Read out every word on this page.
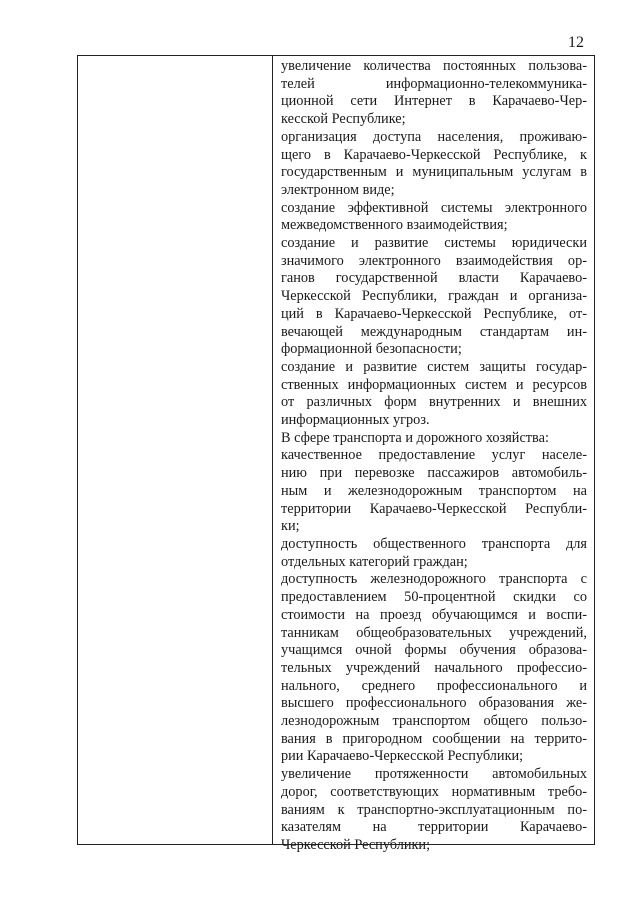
12
увеличение количества постоянных пользова-
телей информационно-телекоммуника-
ционной сети Интернет в Карачаево-Чер-
кесской Республике;
организация доступа населения, проживаю-
щего в Карачаево-Черкесской Республике, к
государственным и муниципальным услугам в
электронном виде;
создание эффективной системы электронного
межведомственного взаимодействия;
создание и развитие системы юридически
значимого электронного взаимодействия ор-
ганов государственной власти Карачаево-
Черкесской Республики, граждан и организа-
ций в Карачаево-Черкесской Республике, от-
вечающей международным стандартам ин-
формационной безопасности;
создание и развитие систем защиты государ-
ственных информационных систем и ресурсов
от различных форм внутренних и внешних
информационных угроз.
В сфере транспорта и дорожного хозяйства:
качественное предоставление услуг населе-
нию при перевозке пассажиров автомобиль-
ным и железнодорожным транспортом на
территории Карачаево-Черкесской Республи-
ки;
доступность общественного транспорта для
отдельных категорий граждан;
доступность железнодорожного транспорта с
предоставлением 50-процентной скидки со
стоимости на проезд обучающимся и воспи-
танникам общеобразовательных учреждений,
учащимся очной формы обучения образова-
тельных учреждений начального профессио-
нального, среднего профессионального и
высшего профессионального образования же-
лезнодорожным транспортом общего пользо-
вания в пригородном сообщении на террито-
рии Карачаево-Черкесской Республики;
увеличение протяженности автомобильных
дорог, соответствующих нормативным требо-
ваниям к транспортно-эксплуатационным по-
казателям на территории Карачаево-
Черкесской Республики;
